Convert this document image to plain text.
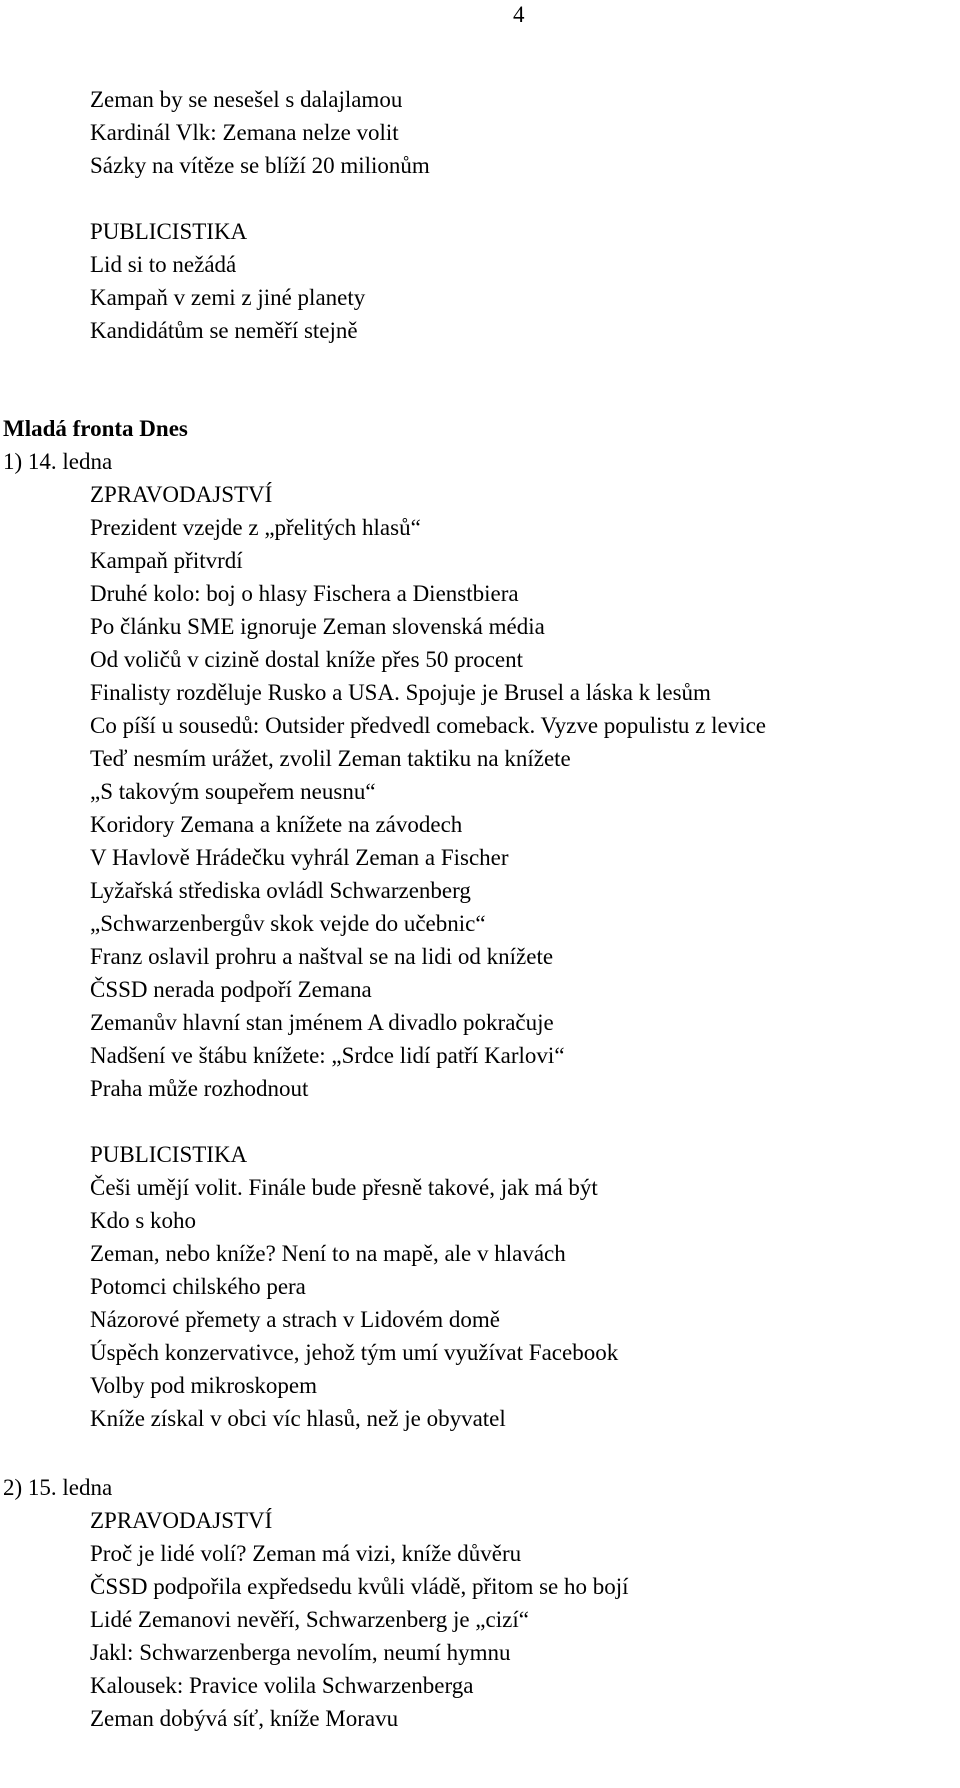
4
Zeman by se nesešel s dalajlamou
Kardinál Vlk: Zemana nelze volit
Sázky na vítěze se blíží 20 milionům
PUBLICISTIKA
Lid si to nežádá
Kampaň v zemi z jiné planety
Kandidátům se neměří stejně
Mladá fronta Dnes
1) 14. ledna
ZPRAVODAJSTVÍ
Prezident vzejde z „přelitých hlasů“
Kampaň přitvrdí
Druhé kolo: boj o hlasy Fischera a Dienstbiera
Po článku SME ignoruje Zeman slovenská média
Od voličů v cizině dostal kníže přes 50 procent
Finalisty rozděluje Rusko a USA. Spojuje je Brusel a láska k lesům
Co píší u sousedů: Outsider předvedl comeback. Vyzve populistu z levice
Teď nesmím urážet, zvolil Zeman taktiku na knížete
„S takovým soupeřem neusnu“
Koridory Zemana a knížete na závodech
V Havlově Hrádečku vyhrál Zeman a Fischer
Lyžařská střediska ovládl Schwarzenberg
„Schwarzenbergův skok vejde do učebnic“
Franz oslavil prohru a naštval se na lidi od knížete
ČSSD nerada podpoří Zemana
Zemanův hlavní stan jménem A divadlo pokračuje
Nadšení ve štábu knížete: „Srdce lidí patří Karlovi“
Praha může rozhodnout
PUBLICISTIKA
Češi umějí volit. Finále bude přesně takové, jak má být
Kdo s koho
Zeman, nebo kníže? Není to na mapě, ale v hlavách
Potomci chilského pera
Názorové přemety a strach v Lidovém domě
Úspěch konzervativce, jehož tým umí využívat Facebook
Volby pod mikroskopem
Kníže získal v obci víc hlasů, než je obyvatel
2) 15. ledna
ZPRAVODAJSTVÍ
Proč je lidé volí? Zeman má vizi, kníže důvěru
ČSSD podpořila expředsedu kvůli vládě, přitom se ho bojí
Lidé Zemanovi nevěří, Schwarzenberg je „cizí“
Jakl: Schwarzenberga nevolím, neumí hymnu
Kalousek: Pravice volila Schwarzenberga
Zeman dobývá síť, kníže Moravu
